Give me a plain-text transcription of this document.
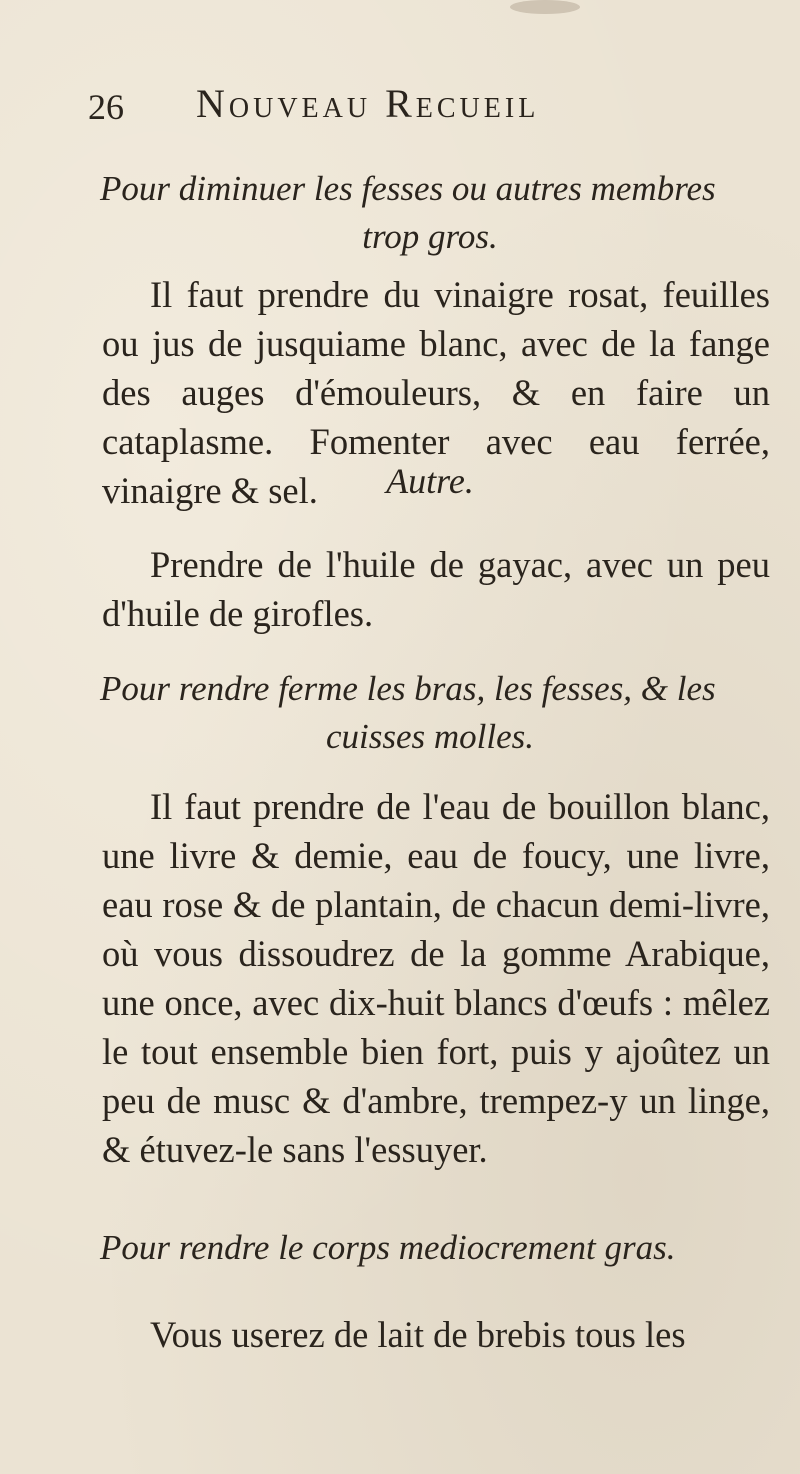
26 Nouveau Recueil
Pour diminuer les fesses ou autres membres
trop gros.

Il faut prendre du vinaigre rosat, feuilles ou jus de jusquiame blanc, avec de la fange des auges d'émouleurs, & en faire un cataplasme. Fomenter avec eau ferrée, vinaigre & sel.	Autre.

Prendre de l'huile de gayac, avec un peu d'huile de girofles.

Pour rendre ferme les bras, les fesses, & les
cuisses molles.

Il faut prendre de l'eau de bouillon blanc, une livre & demie, eau de foucy, une livre, eau rose & de plantain, de chacun demi-livre, où vous dissoudrez de la gomme Arabique, une once, avec dix-huit blancs d'œufs : mêlez le tout ensemble bien fort, puis y ajoûtez un peu de musc & d'ambre, trempez-y un linge, & étuvez-le sans l'essuyer.

Pour rendre le corps mediocrement gras.

Vous userez de lait de brebis tous les
